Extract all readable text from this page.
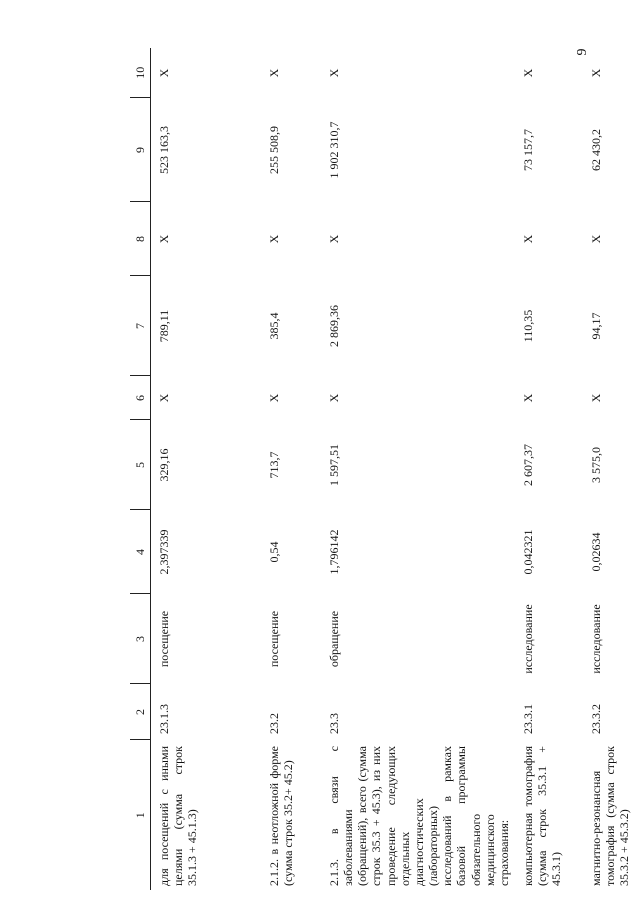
9
1	2	3	4	5	6	7	8	9	10
для посещений с иными целями (сумма строк 35.1.3 + 45.1.3)	23.1.3	посещение	2,397339	329,16	X	789,11	X	523 163,3	X
2.1.2. в неотложной форме (сумма строк 35.2+ 45.2)	23.2	посещение	0,54	713,7	X	385,4	X	255 508,9	X
2.1.3. в связи с заболеваниями (обращений), всего (сумма строк 35.3 + 45.3), из них проведение следующих отдельных диагностических (лабораторных) исследований в рамках базовой программы обязательного медицинского страхования:	23.3	обращение	1,796142	1 597,51	X	2 869,36	X	1 902 310,7	X
компьютерная томография (сумма строк 35.3.1 + 45.3.1)	23.3.1	исследование	0,042321	2 607,37	X	110,35	X	73 157,7	X
магнитно-резонансная томография (сумма строк 35.3.2 + 45.3.2)	23.3.2	исследование	0,02634	3 575,0	X	94,17	X	62 430,2	X
